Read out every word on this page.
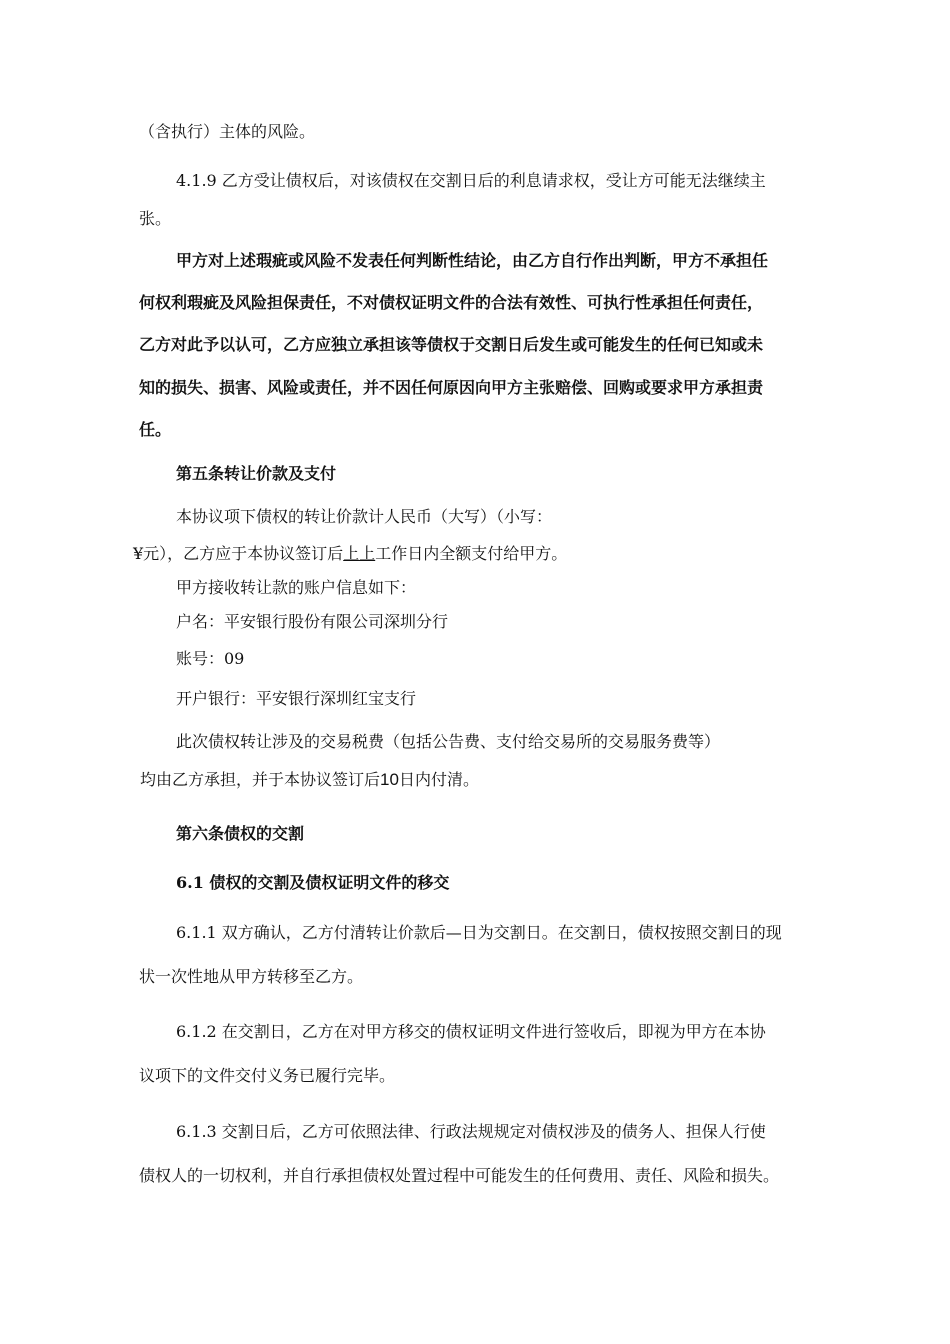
（含执行）主体的风险。
4.1.9 乙方受让债权后，对该债权在交割日后的利息请求权，受让方可能无法继续主
张。
甲方对上述瑕疵或风险不发表任何判断性结论，由乙方自行作出判断，甲方不承担任
何权利瑕疵及风险担保责任，不对债权证明文件的合法有效性、可执行性承担任何责任，
乙方对此予以认可，乙方应独立承担该等债权于交割日后发生或可能发生的任何已知或未
知的损失、损害、风险或责任，并不因任何原因向甲方主张赔偿、回购或要求甲方承担责
任。
第五条转让价款及支付
本协议项下债权的转让价款计人民币（大写）（小写：
¥元），乙方应于本协议签订后上上工作日内全额支付给甲方。
甲方接收转让款的账户信息如下：
户名：平安银行股份有限公司深圳分行
账号：09
开户银行：平安银行深圳红宝支行
此次债权转让涉及的交易税费（包括公告费、支付给交易所的交易服务费等）
均由乙方承担，并于本协议签订后10日内付清。
第六条债权的交割
6.1 债权的交割及债权证明文件的移交
6.1.1 双方确认，乙方付清转让价款后—日为交割日。在交割日，债权按照交割日的现
状一次性地从甲方转移至乙方。
6.1.2 在交割日，乙方在对甲方移交的债权证明文件进行签收后，即视为甲方在本协
议项下的文件交付义务已履行完毕。
6.1.3 交割日后，乙方可依照法律、行政法规规定对债权涉及的债务人、担保人行使
债权人的一切权利，并自行承担债权处置过程中可能发生的任何费用、责任、风险和损失。
